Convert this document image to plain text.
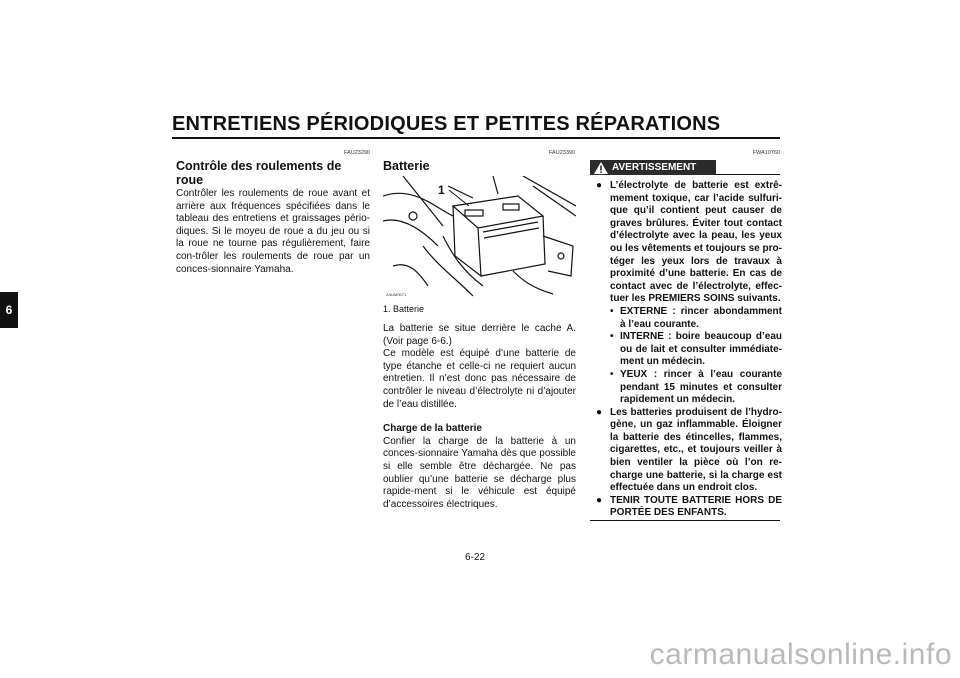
ENTRETIENS PÉRIODIQUES ET PETITES RÉPARATIONS
6
FAU23290
Contrôle des roulements de roue
Contrôler les roulements de roue avant et arrière aux fréquences spécifiées dans le tableau des entretiens et graissages pério-diques. Si le moyeu de roue a du jeu ou si la roue ne tourne pas régulièrement, faire con-trôler les roulements de roue par un conces-sionnaire Yamaha.
FAU23390
Batterie
1
ZAUM0071
1. Batterie
La batterie se situe derrière le cache A. (Voir page 6-6.)
Ce modèle est équipé d’une batterie de type étanche et celle-ci ne requiert aucun entretien. Il n’est donc pas nécessaire de contrôler le niveau d’électrolyte ni d’ajouter de l’eau distillée.
Charge de la batterie
Confier la charge de la batterie à un conces-sionnaire Yamaha dès que possible si elle semble être déchargée. Ne pas oublier qu’une batterie se décharge plus rapide-ment si le véhicule est équipé d’accessoires électriques.
FWA10760
AVERTISSEMENT
● L’électrolyte de batterie est extrê-mement toxique, car l’acide sulfuri-que qu’il contient peut causer de graves brûlures. Éviter tout contact d’électrolyte avec la peau, les yeux ou les vêtements et toujours se pro-téger les yeux lors de travaux à proximité d’une batterie. En cas de contact avec de l’électrolyte, effec-tuer les PREMIERS SOINS suivants.
• EXTERNE : rincer abondamment à l’eau courante.
• INTERNE : boire beaucoup d’eau ou de lait et consulter immédiate-ment un médecin.
• YEUX : rincer à l’eau courante pendant 15 minutes et consulter rapidement un médecin.
● Les batteries produisent de l’hydro-gène, un gaz inflammable. Éloigner la batterie des étincelles, flammes, cigarettes, etc., et toujours veiller à bien ventiler la pièce où l’on re-charge une batterie, si la charge est effectuée dans un endroit clos.
● TENIR TOUTE BATTERIE HORS DE PORTÉE DES ENFANTS.
6-22
carmanualsonline.info
